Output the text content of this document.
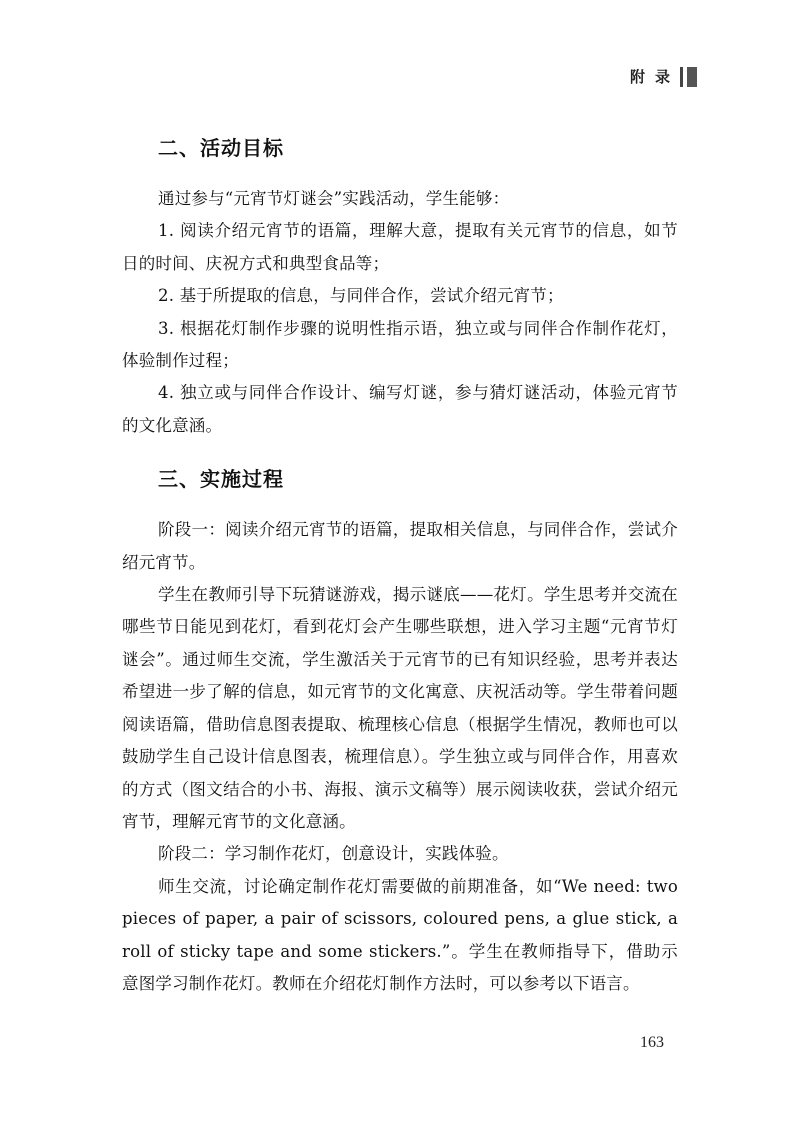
附录
二、活动目标

通过参与“元宵节灯谜会”实践活动，学生能够：

1. 阅读介绍元宵节的语篇，理解大意，提取有关元宵节的信息，如节日的时间、庆祝方式和典型食品等；

2. 基于所提取的信息，与同伴合作，尝试介绍元宵节；

3. 根据花灯制作步骤的说明性指示语，独立或与同伴合作制作花灯，体验制作过程；

4. 独立或与同伴合作设计、编写灯谜，参与猜灯谜活动，体验元宵节的文化意涵。

三、实施过程

阶段一：阅读介绍元宵节的语篇，提取相关信息，与同伴合作，尝试介绍元宵节。

学生在教师引导下玩猜谜游戏，揭示谜底——花灯。学生思考并交流在哪些节日能见到花灯，看到花灯会产生哪些联想，进入学习主题“元宵节灯谜会”。通过师生交流，学生激活关于元宵节的已有知识经验，思考并表达希望进一步了解的信息，如元宵节的文化寓意、庆祝活动等。学生带着问题阅读语篇，借助信息图表提取、梳理核心信息（根据学生情况，教师也可以鼓励学生自己设计信息图表，梳理信息）。学生独立或与同伴合作，用喜欢的方式（图文结合的小书、海报、演示文稿等）展示阅读收获，尝试介绍元宵节，理解元宵节的文化意涵。

阶段二：学习制作花灯，创意设计，实践体验。

师生交流，讨论确定制作花灯需要做的前期准备，如“We need: two pieces of paper, a pair of scissors, coloured pens, a glue stick, a roll of sticky tape and some stickers.”。学生在教师指导下，借助示意图学习制作花灯。教师在介绍花灯制作方法时，可以参考以下语言。

163
